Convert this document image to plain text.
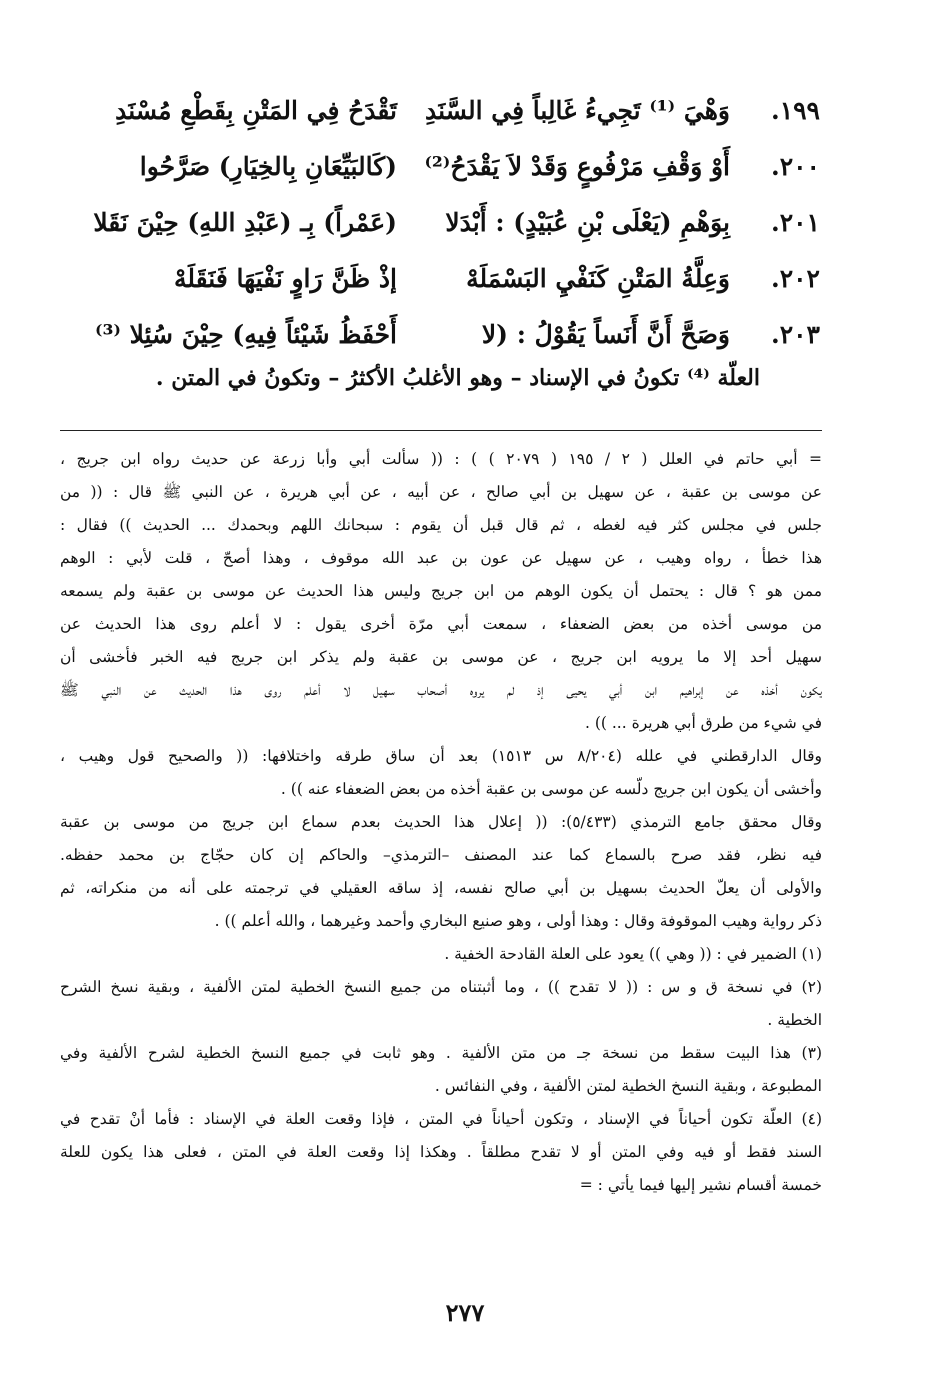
١٩٩.
وَهْيَ ⁽¹⁾ تَجِيءُ غَالِباً فِي السَّنَدِ
تَقْدَحُ فِي المَتْنِ بِقَطْعِ مُسْنَدِ
٢٠٠.
أَوْ وَقْفِ مَرْفُوعٍ وَقَدْ لاَ يَقْدَحُ⁽²⁾
(كَالبَيِّعَانِ بِالخِيَارِ) صَرَّحُوا
٢٠١.
بِوَهْمِ (يَعْلَى بْنِ عُبَيْدٍ) : أَبْدَلا
(عَمْراً) بِـ (عَبْدِ اللهِ) حِيْنَ نَقَلا
٢٠٢.
وَعِلَّةُ المَتْنِ كَنَفْيِ البَسْمَلَهْ
إذْ ظَنَّ رَاوٍ نَفْيَهَا فَنَقَلَهْ
٢٠٣.
وَصَحَّ أَنَّ أَنَساً يَقُوْلُ : (لا
أَحْفَظُ شَيْئاً فِيهِ) حِيْنَ سُئِلا ⁽³⁾
العلّة ⁽⁴⁾ تكونُ في الإسناد – وهو الأغلبُ الأكثرُ – وتكونُ في المتن .
= أبي حاتم في العلل ( ٢ / ١٩٥ ( ٢٠٧٩ ) ) : (( سألت أبي وأبا زرعة عن حديث رواه ابن جريج ،
عن موسى بن عقبة ، عن سهيل بن أبي صالح ، عن أبيه ، عن أبي هريرة ، عن النبي ﷺ قال : (( من
جلس في مجلس كثر فيه لغطه ، ثم قال قبل أن يقوم : سبحانك اللهم وبحمدك ... الحديث )) فقال :
هذا خطأ ، رواه وهيب ، عن سهيل عن عون بن عبد الله موقوف ، وهذا أصحّ ، قلت لأبي : الوهم
ممن هو ؟ قال : يحتمل أن يكون الوهم من ابن جريج وليس هذا الحديث عن موسى بن عقبة ولم يسمعه
من موسى أخذه من بعض الضعفاء ، سمعت أبي مرّة أخرى يقول : لا أعلم روى هذا الحديث عن
سهيل أحد إلا ما يرويه ابن جريج ، عن موسى بن عقبة ولم يذكر ابن جريج فيه الخبر فأخشى أن
يكون أخذه عن إبراهيم ابن أبي يحيى إذ لم يروه أصحاب سهيل لا أعلم روى هذا الحديث عن النبي ﷺ
في شيء من طرق أبي هريرة ... )) .
وقال الدارقطني في علله (٨/٢٠٤ س ١٥١٣) بعد أن ساق طرقه واختلافها: (( والصحيح قول وهيب ،
وأخشى أن يكون ابن جريج دلّسه عن موسى بن عقبة أخذه من بعض الضعفاء عنه )) .
وقال محقق جامع الترمذي (٥/٤٣٣): (( إعلال هذا الحديث بعدم سماع ابن جريج من موسى بن عقبة
فيه نظر، فقد صرح بالسماع كما عند المصنف –الترمذي– والحاكم إن كان حجّاج بن محمد حفظه.
والأولى أن يعلّ الحديث بسهيل بن أبي صالح نفسه، إذ ساقه العقيلي في ترجمته على أنه من منكراته، ثم
ذكر رواية وهيب الموقوفة وقال : وهذا أولى ، وهو صنيع البخاري وأحمد وغيرهما ، والله أعلم )) .
(١) الضمير في : (( وهي )) يعود على العلة القادحة الخفية .
(٢) في نسخة ق و س : (( لا تقدح )) ، وما أثبتناه من جميع النسخ الخطية لمتن الألفية ، وبقية نسخ الشرح
الخطية .
(٣) هذا البيت سقط من نسخة جـ من متن الألفية . وهو ثابت في جميع النسخ الخطية لشرح الألفية وفي
المطبوعة ، وبقية النسخ الخطية لمتن الألفية ، وفي النفائس .
(٤) العلّة تكون أحياناً في الإسناد ، وتكون أحياناً في المتن ، فإذا وقعت العلة في الإسناد : فأما أنْ تقدح في
السند فقط أو فيه وفي المتن أو لا تقدح مطلقاً . وهكذا إذا وقعت العلة في المتن ، فعلى هذا يكون للعلة
خمسة أقسام نشير إليها فيما يأتي : =
٢٧٧
